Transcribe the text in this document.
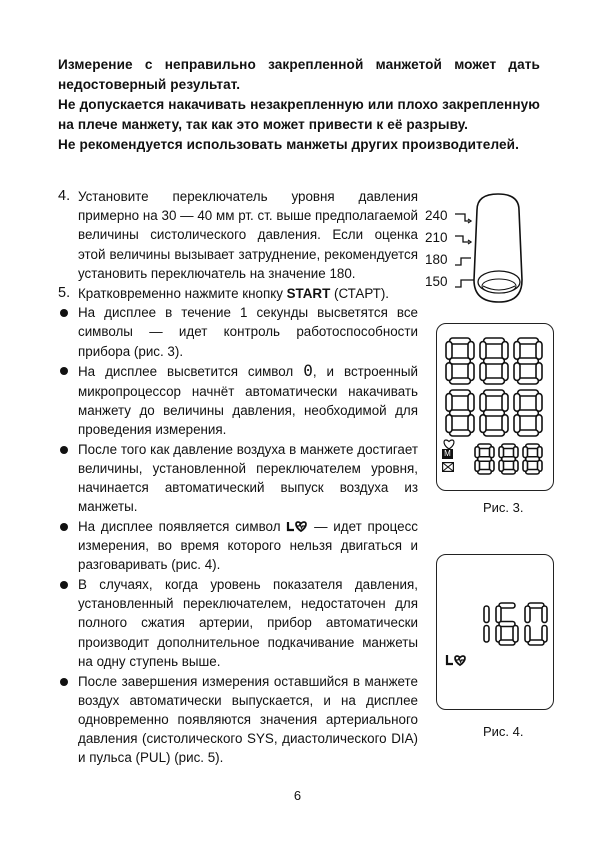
Измерение с неправильно закрепленной манжетой может дать недостоверный результат.

Не допускается накачивать незакрепленную или плохо закрепленную на плече манжету, так как это может привести к её разрыву.

Не рекомендуется использовать манжеты других производителей.

4. Установите переключатель уровня давления примерно на 30 — 40 мм рт. ст. выше предполагаемой величины систолического давления. Если оценка этой величины вызывает затруднение, рекомендуется установить переключатель на значение 180.
5. Кратковременно нажмите кнопку START (СТАРТ).
На дисплее в течение 1 секунды высветятся все символы — идет контроль работоспособности прибора (рис. 3).
На дисплее высветится символ 0, и встроенный микропроцессор начнёт автоматически накачивать манжету до величины давления, необходимой для проведения измерения.
После того как давление воздуха в манжете достигает величины, установленной переключателем уровня, начинается автоматический выпуск воздуха из манжеты.
На дисплее появляется символ  — идет процесс измерения, во время которого нельзя двигаться и разговаривать (рис. 4).
В случаях, когда уровень показателя давления, установленный переключателем, недостаточен для полного сжатия артерии, прибор автоматически производит дополнительное подкачивание манжеты на одну ступень выше.
После завершения измерения оставшийся в манжете воздух автоматически выпускается, и на дисплее одновременно появляются значения артериального давления (систолического SYS, диастолического DIA) и пульса (PUL) (рис. 5).
240
210
180
150
M
Рис. 3.
Рис. 4.
6
